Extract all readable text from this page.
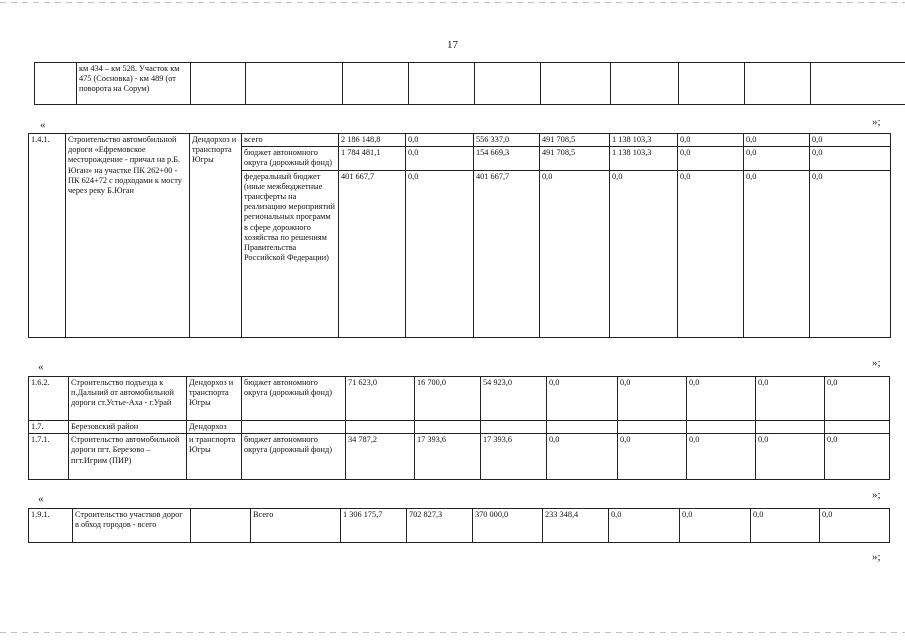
17
	км 434 – км 528. Участок км 475 (Сосновка) - км 489 (от поворота на Сорум)										
«	»;
1.4.1.	Строительство автомобильной дороги «Ефремовское месторождение - причал на р.Б. Юган» на участке ПК 262+00 - ПК 624+72 с подходами к мосту через реку Б.Юган	Дендорхоз и транспорта Югры	всего	2 186 148,8	0,0	556 337,0	491 708,5	1 138 103,3	0,0	0,0	0,0
			бюджет автономного округа (дорожный фонд)	1 784 481,1	0,0	154 669,3	491 708,5	1 138 103,3	0,0	0,0	0,0
			федеральный бюджет (иные межбюджетные трансферты на реализацию мероприятий региональных программ в сфере дорожного хозяйства по решениям Правительства Российской Федерации)	401 667,7	0,0	401 667,7	0,0	0,0	0,0	0,0	0,0
«	»;
1.6.2.	Строительство подъезда к п.Дальний от автомобильной дороги ст.Устье-Аха - г.Урай	Дендорхоз и транспорта Югры	бюджет автономного округа (дорожный фонд)	71 623,0	16 700,0	54 923,0	0,0	0,0	0,0	0,0	0,0
1.7.	Березовский район	Дендорхоз									
1.7.1.	Строительство автомобильной дороги пгт. Березово – пгт.Игрим (ПИР)	и транспорта Югры	бюджет автономного округа (дорожный фонд)	34 787,2	17 393,6	17 393,6	0,0	0,0	0,0	0,0	0,0
«	»;
1.9.1.	Строительство участков дорог в обход городов - всего		Всего	1 306 175,7	702 827,3	370 000,0	233 348,4	0,0	0,0	0,0	0,0
»;
